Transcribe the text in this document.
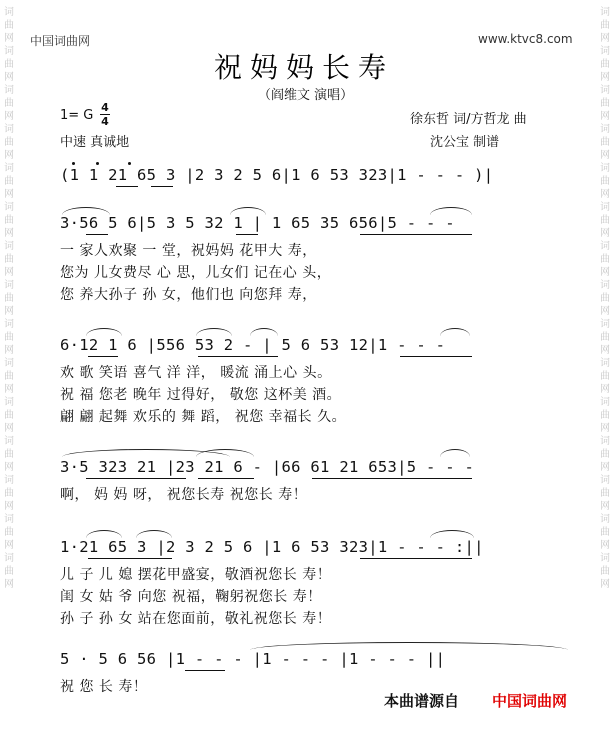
词曲网词曲网词曲网词曲网词曲网词曲网词曲网词曲网词曲网词曲网词曲网词曲网词曲网词曲网词曲网
词曲网词曲网词曲网词曲网词曲网词曲网词曲网词曲网词曲网词曲网词曲网词曲网词曲网词曲网词曲网
中国词曲网	www.ktvc8.com
祝妈妈长寿
（阎维文 演唱）
1= G
4
4
中速 真诚地
徐东哲 词/方哲龙 曲
沈公宝 制谱
(1 1 21 65 3 |2 3 2 5 6|1 6 53 323|1 - - - )|
3·56 5 6|5 3 5 32 1 | 1 65 35 656|5 - - -
一 家人欢聚 一 堂，祝妈妈 花甲大 寿，
您为 儿女费尽 心 思，儿女们 记在心 头，
您 养大孙子 孙 女，他们也 向您拜 寿，
6·12 1 6 |556 53 2 - | 5 6 53 12|1 - - -
欢 歌 笑语 喜气 洋 洋， 暖流 涌上心 头。
祝 福 您老 晚年 过得好， 敬您 这杯美 酒。
翩 翩 起舞 欢乐的 舞 蹈， 祝您 幸福长 久。
3·5 323 21 |23 21 6 - |66 61 21 653|5 - - -
啊， 妈 妈 呀， 祝您长寿 祝您长 寿！
1·21 65 3 |2 3 2 5 6 |1 6 53 323|1 - - - :||
儿 子 儿 媳 摆花甲盛宴，敬酒祝您长 寿！
闺 女 姑 爷 向您 祝福，鞠躬祝您长 寿！
孙 子 孙 女 站在您面前，敬礼祝您长 寿！
5 · 5 6 56 |1 - - - |1 - - - |1 - - - ||
祝 您 长 寿！
本曲谱源自 中国词曲网
